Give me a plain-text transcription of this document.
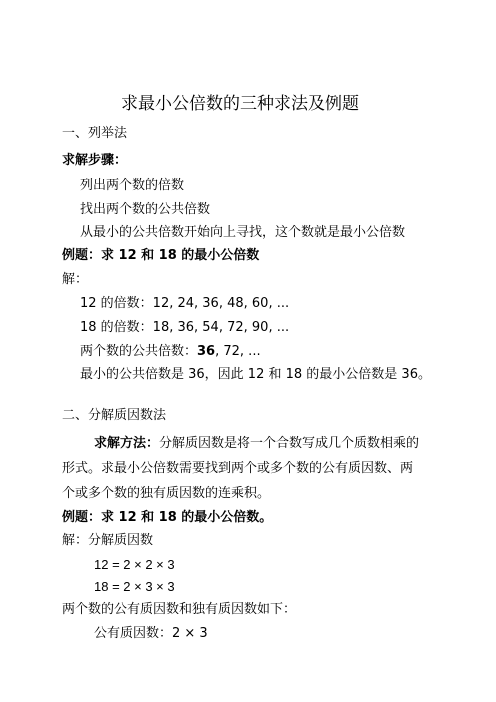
求最小公倍数的三种求法及例题
一、列举法
求解步骤：
列出两个数的倍数
找出两个数的公共倍数
从最小的公共倍数开始向上寻找，这个数就是最小公倍数
例题：求 12 和 18 的最小公倍数
解：
12 的倍数：12, 24, 36, 48, 60, ...
18 的倍数：18, 36, 54, 72, 90, ...
两个数的公共倍数：36, 72, ...
最小的公共倍数是 36，因此 12 和 18 的最小公倍数是 36。
二、分解质因数法
求解方法：分解质因数是将一个合数写成几个质数相乘的
形式。求最小公倍数需要找到两个或多个数的公有质因数、两
个或多个数的独有质因数的连乘积。
例题：求 12 和 18 的最小公倍数。
解：分解质因数
12 = 2 × 2 × 3
18 = 2 × 3 × 3
两个数的公有质因数和独有质因数如下：
公有质因数：2 × 3
